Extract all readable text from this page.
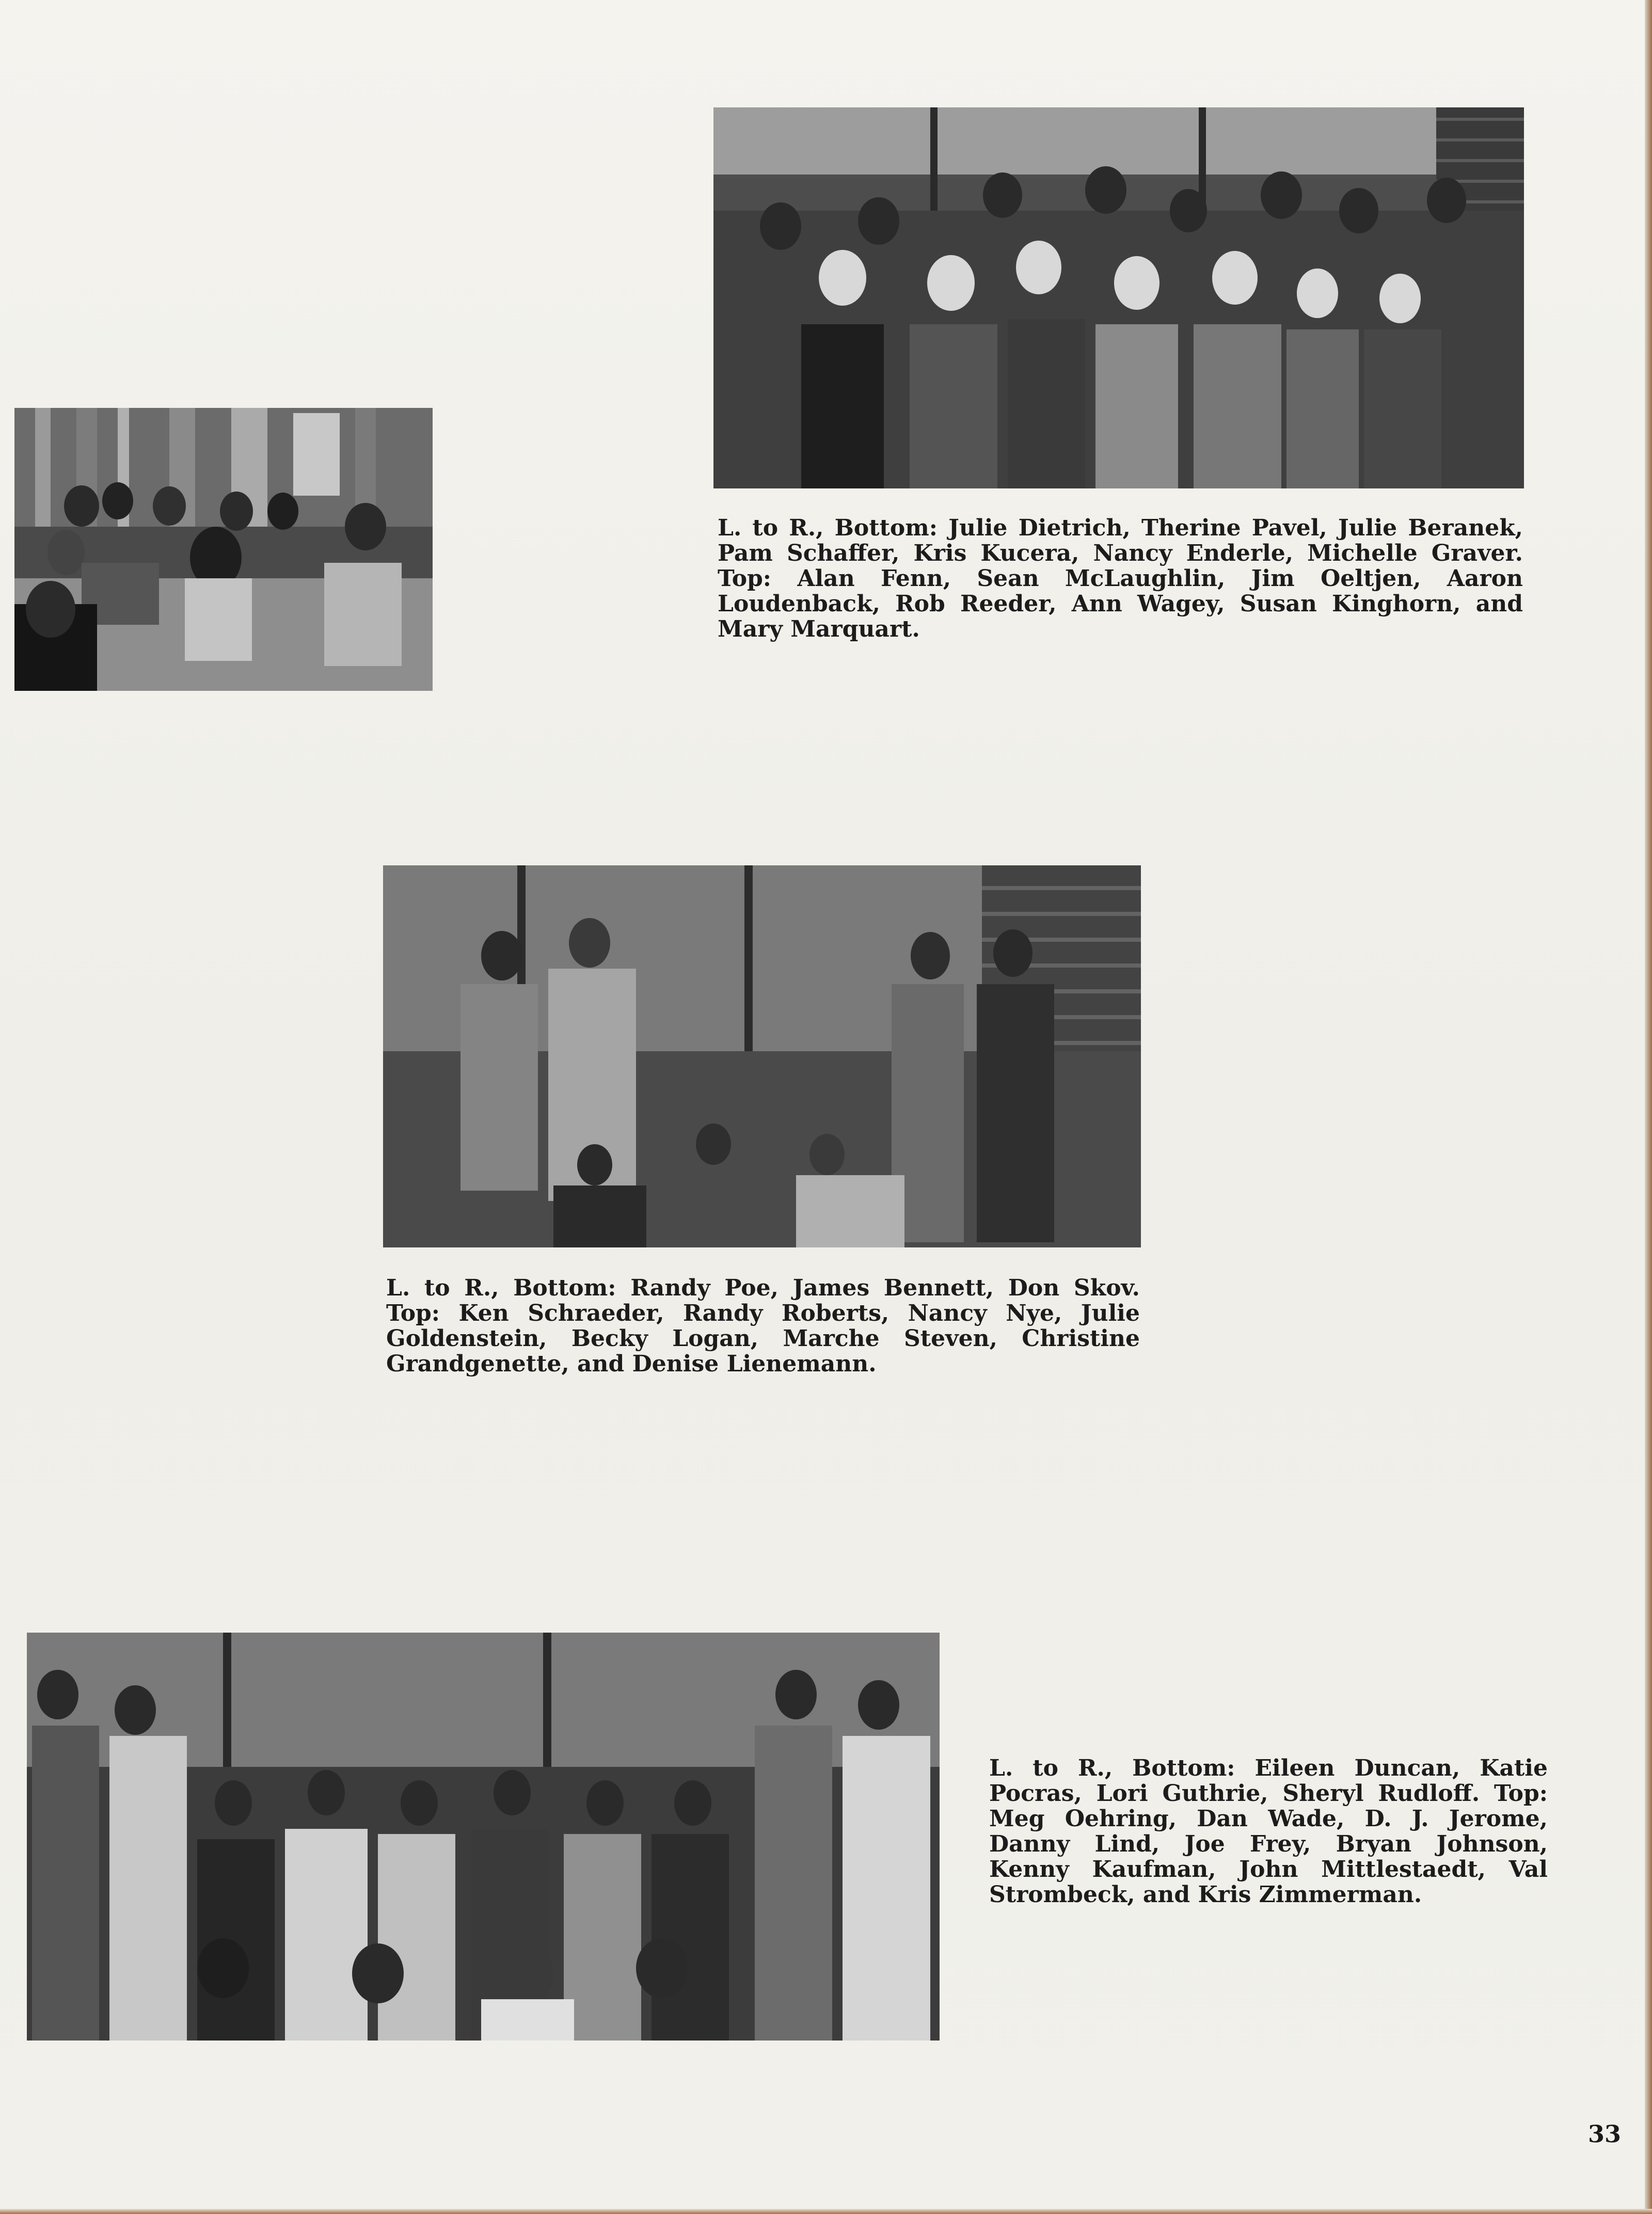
L. to R., Bottom: Julie Dietrich, Therine Pavel, Julie Beranek, Pam Schaffer, Kris Kucera, Nancy Enderle, Michelle Graver. Top: Alan Fenn, Sean McLaughlin, Jim Oeltjen, Aaron Loudenback, Rob Reeder, Ann Wagey, Susan Kinghorn, and Mary Marquart.
L. to R., Bottom: Randy Poe, James Bennett, Don Skov. Top: Ken Schraeder, Randy Roberts, Nancy Nye, Julie Goldenstein, Becky Logan, Marche Steven, Christine Grandgenette, and Denise Lienemann.
L. to R., Bottom: Eileen Duncan, Katie Pocras, Lori Guthrie, Sheryl Rudloff. Top: Meg Oehring, Dan Wade, D. J. Jerome, Danny Lind, Joe Frey, Bryan Johnson, Kenny Kaufman, John Mittlestaedt, Val Strombeck, and Kris Zimmerman.
33
